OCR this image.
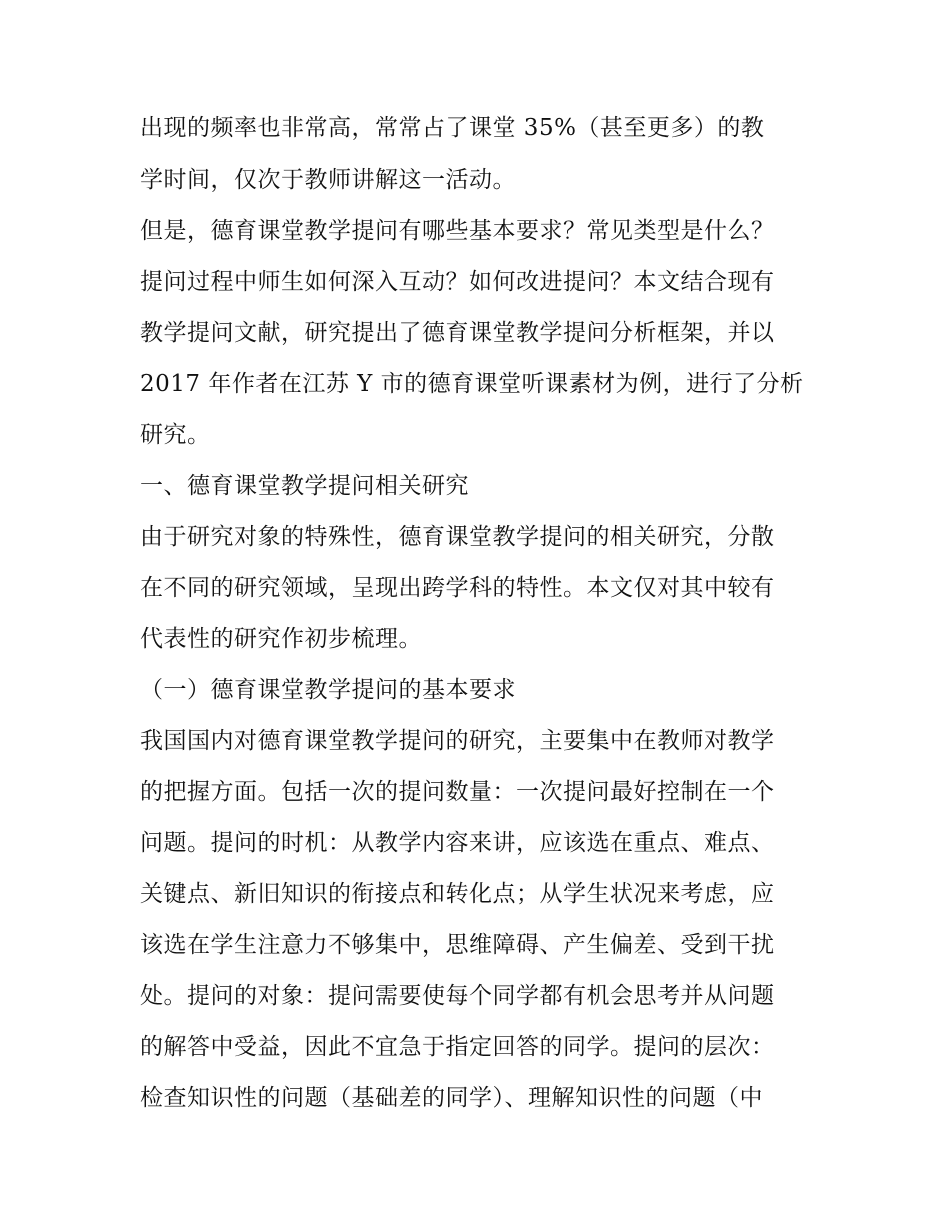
出现的频率也非常高，常常占了课堂 35%（甚至更多）的教
学时间，仅次于教师讲解这一活动。
但是，德育课堂教学提问有哪些基本要求？常见类型是什么？
提问过程中师生如何深入互动？如何改进提问？本文结合现有
教学提问文献，研究提出了德育课堂教学提问分析框架，并以
2017 年作者在江苏 Y 市的德育课堂听课素材为例，进行了分析
研究。
一、德育课堂教学提问相关研究
由于研究对象的特殊性，德育课堂教学提问的相关研究，分散
在不同的研究领域，呈现出跨学科的特性。本文仅对其中较有
代表性的研究作初步梳理。
（一）德育课堂教学提问的基本要求
我国国内对德育课堂教学提问的研究，主要集中在教师对教学
的把握方面。包括一次的提问数量：一次提问最好控制在一个
问题。提问的时机：从教学内容来讲，应该选在重点、难点、
关键点、新旧知识的衔接点和转化点；从学生状况来考虑，应
该选在学生注意力不够集中，思维障碍、产生偏差、受到干扰
处。提问的对象：提问需要使每个同学都有机会思考并从问题
的解答中受益，因此不宜急于指定回答的同学。提问的层次：
检查知识性的问题（基础差的同学）、理解知识性的问题（中
